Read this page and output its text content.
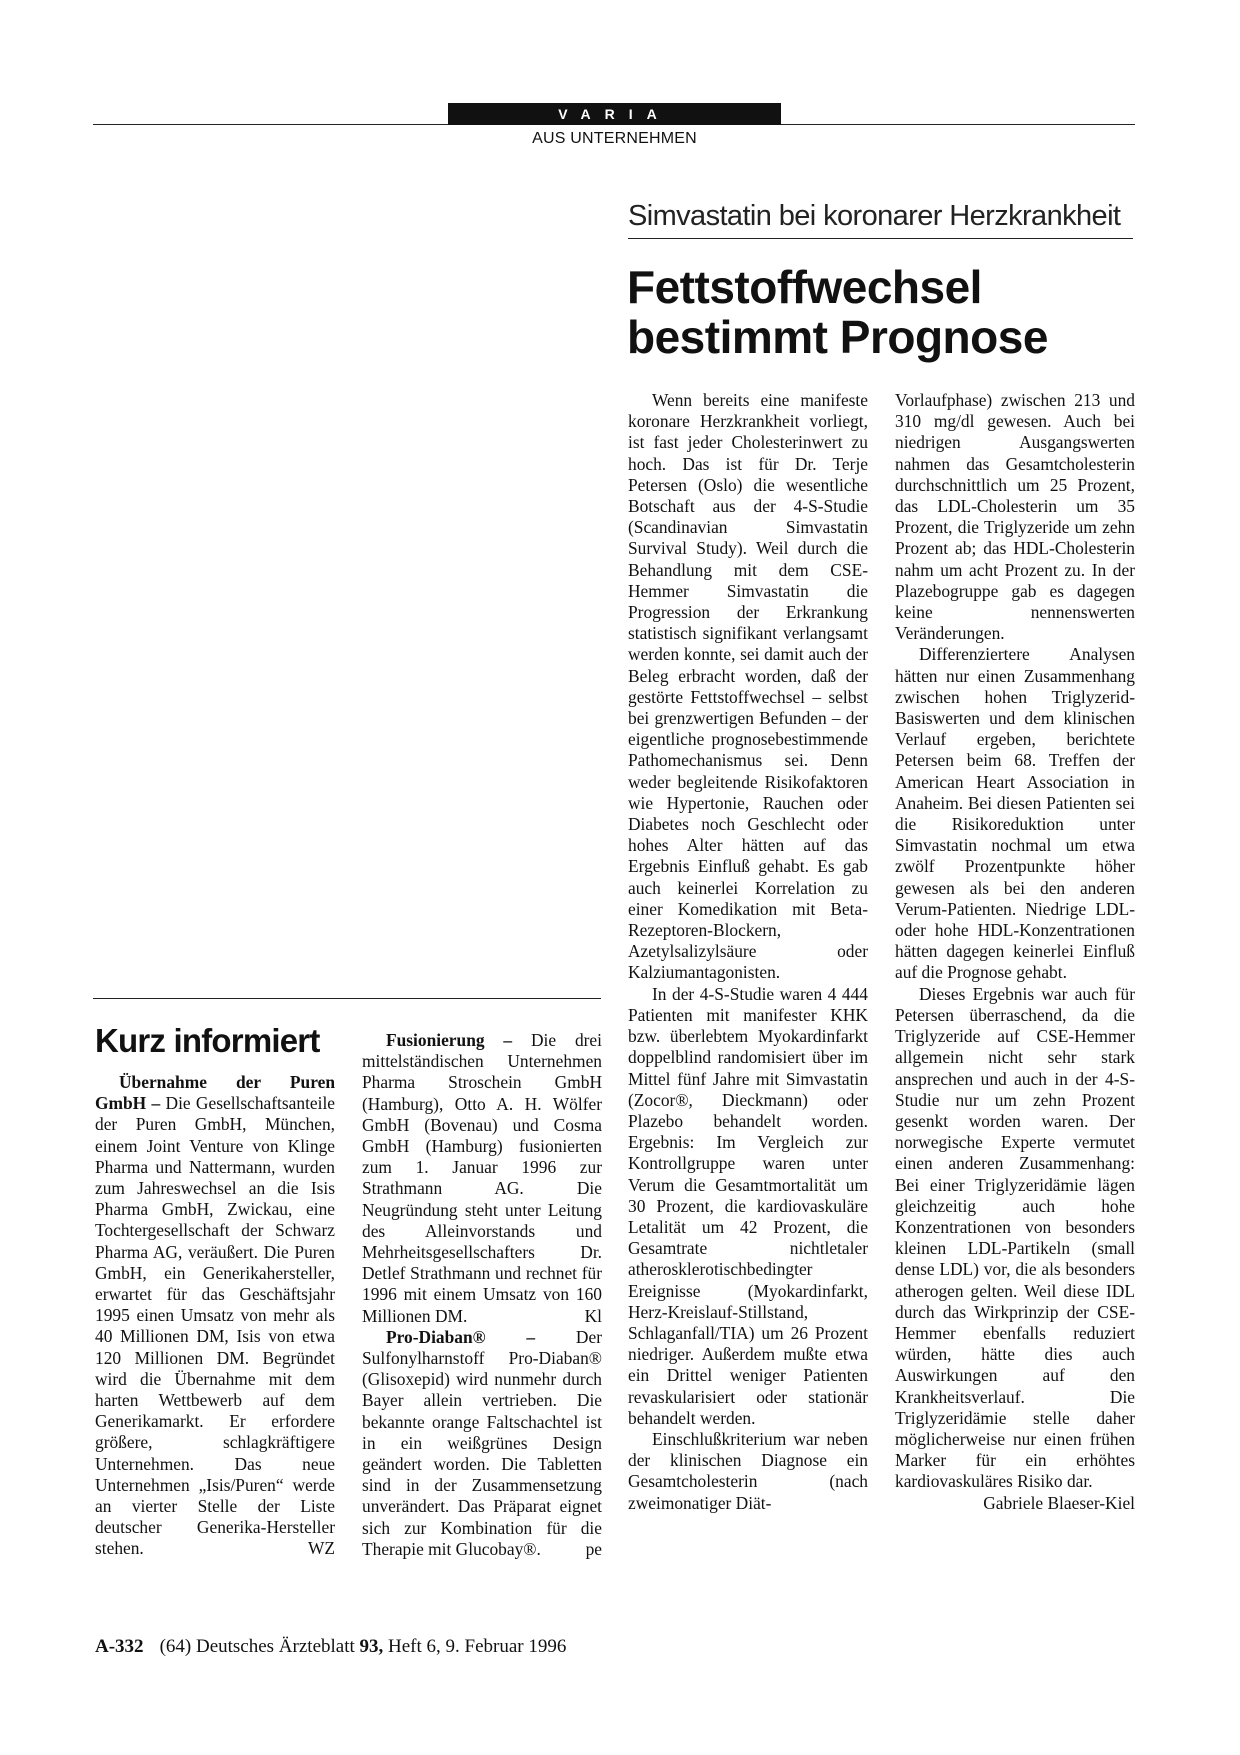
VARIA
AUS UNTERNEHMEN
Simvastatin bei koronarer Herzkrankheit
Fettstoffwechsel
bestimmt Prognose

Wenn bereits eine manifeste koronare Herzkrankheit vorliegt, ist fast jeder Cholesterinwert zu hoch. Das ist für Dr. Terje Petersen (Oslo) die wesentliche Botschaft aus der 4-S-Studie (Scandinavian Simvastatin Survival Study). Weil durch die Behandlung mit dem CSE-Hemmer Simvastatin die Progression der Erkrankung statistisch signifikant verlangsamt werden konnte, sei damit auch der Beleg erbracht worden, daß der gestörte Fettstoffwechsel – selbst bei grenzwertigen Befunden – der eigentliche prognosebestimmende Pathomechanismus sei. Denn weder begleitende Risikofaktoren wie Hypertonie, Rauchen oder Diabetes noch Geschlecht oder hohes Alter hätten auf das Ergebnis Einfluß gehabt. Es gab auch keinerlei Korrelation zu einer Komedikation mit Beta-Rezeptoren-Blockern, Azetylsalizylsäure oder Kalziumantagonisten.

In der 4-S-Studie waren 4 444 Patienten mit manifester KHK bzw. überlebtem Myokardinfarkt doppelblind randomisiert über im Mittel fünf Jahre mit Simvastatin (Zocor®, Dieckmann) oder Plazebo behandelt worden. Ergebnis: Im Vergleich zur Kontrollgruppe waren unter Verum die Gesamtmortalität um 30 Prozent, die kardiovaskuläre Letalität um 42 Prozent, die Gesamtrate nichtletaler atherosklerotischbedingter Ereignisse (Myokardinfarkt, Herz-Kreislauf-Stillstand, Schlaganfall/TIA) um 26 Prozent niedriger. Außerdem mußte etwa ein Drittel weniger Patienten revaskularisiert oder stationär behandelt werden.

Einschlußkriterium war neben der klinischen Diagnose ein Gesamtcholesterin (nach zweimonatiger Diät-

Vorlaufphase) zwischen 213 und 310 mg/dl gewesen. Auch bei niedrigen Ausgangswerten nahmen das Gesamtcholesterin durchschnittlich um 25 Prozent, das LDL-Cholesterin um 35 Prozent, die Triglyzeride um zehn Prozent ab; das HDL-Cholesterin nahm um acht Prozent zu. In der Plazebogruppe gab es dagegen keine nennenswerten Veränderungen.

Differenziertere Analysen hätten nur einen Zusammenhang zwischen hohen Triglyzerid-Basiswerten und dem klinischen Verlauf ergeben, berichtete Petersen beim 68. Treffen der American Heart Association in Anaheim. Bei diesen Patienten sei die Risikoreduktion unter Simvastatin nochmal um etwa zwölf Prozentpunkte höher gewesen als bei den anderen Verum-Patienten. Niedrige LDL- oder hohe HDL-Konzentrationen hätten dagegen keinerlei Einfluß auf die Prognose gehabt.

Dieses Ergebnis war auch für Petersen überraschend, da die Triglyzeride auf CSE-Hemmer allgemein nicht sehr stark ansprechen und auch in der 4-S-Studie nur um zehn Prozent gesenkt worden waren. Der norwegische Experte vermutet einen anderen Zusammenhang: Bei einer Triglyzeridämie lägen gleichzeitig auch hohe Konzentrationen von besonders kleinen LDL-Partikeln (small dense LDL) vor, die als besonders atherogen gelten. Weil diese IDL durch das Wirkprinzip der CSE-Hemmer ebenfalls reduziert würden, hätte dies auch Auswirkungen auf den Krankheitsverlauf. Die Triglyzeridämie stelle daher möglicherweise nur einen frühen Marker für ein erhöhtes kardiovaskuläres Risiko dar.
Gabriele Blaeser-Kiel

Kurz informiert

Übernahme der Puren GmbH – Die Gesellschaftsanteile der Puren GmbH, München, einem Joint Venture von Klinge Pharma und Nattermann, wurden zum Jahreswechsel an die Isis Pharma GmbH, Zwickau, eine Tochtergesellschaft der Schwarz Pharma AG, veräußert. Die Puren GmbH, ein Generikahersteller, erwartet für das Geschäftsjahr 1995 einen Umsatz von mehr als 40 Millionen DM, Isis von etwa 120 Millionen DM. Begründet wird die Übernahme mit dem harten Wettbewerb auf dem Generikamarkt. Er erfordere größere, schlagkräftigere Unternehmen. Das neue Unternehmen „Isis/Puren“ werde an vierter Stelle der Liste deutscher Generika-Hersteller stehen.	WZ

Fusionierung – Die drei mittelständischen Unternehmen Pharma Stroschein GmbH (Hamburg), Otto A. H. Wölfer GmbH (Bovenau) und Cosma GmbH (Hamburg) fusionierten zum 1. Januar 1996 zur Strathmann AG. Die Neugründung steht unter Leitung des Alleinvorstands und Mehrheitsgesellschafters Dr. Detlef Strathmann und rechnet für 1996 mit einem Umsatz von 160 Millionen DM.	Kl

Pro-Diaban® – Der Sulfonylharnstoff Pro-Diaban® (Glisoxepid) wird nunmehr durch Bayer allein vertrieben. Die bekannte orange Faltschachtel ist in ein weißgrünes Design geändert worden. Die Tabletten sind in der Zusammensetzung unverändert. Das Präparat eignet sich zur Kombination für die Therapie mit Glucobay®.	pe

A-332 (64) Deutsches Ärzteblatt 93, Heft 6, 9. Februar 1996
